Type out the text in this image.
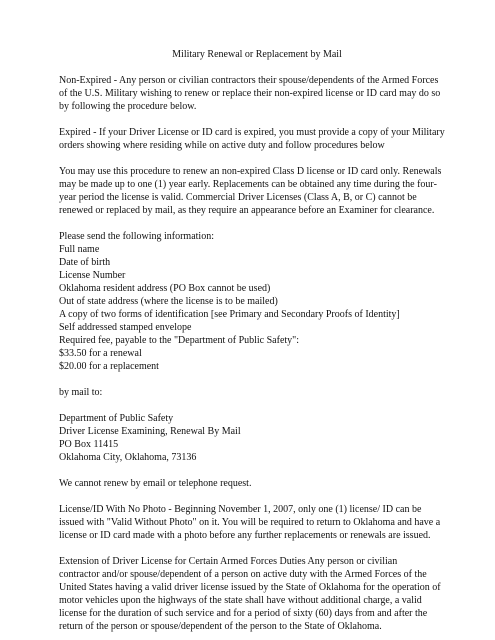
Military Renewal or Replacement by Mail

Non-Expired - Any person or civilian contractors their spouse/dependents of the Armed Forces
of the U.S. Military wishing to renew or replace their non-expired license or ID card may do so
by following the procedure below.

Expired - If your Driver License or ID card is expired, you must provide a copy of your Military
orders showing where residing while on active duty and follow procedures below

You may use this procedure to renew an non-expired Class D license or ID card only. Renewals
may be made up to one (1) year early. Replacements can be obtained any time during the four-
year period the license is valid. Commercial Driver Licenses (Class A, B, or C) cannot be
renewed or replaced by mail, as they require an appearance before an Examiner for clearance.

Please send the following information:
Full name
Date of birth
License Number
Oklahoma resident address (PO Box cannot be used)
Out of state address (where the license is to be mailed)
A copy of two forms of identification [see Primary and Secondary Proofs of Identity]
Self addressed stamped envelope
Required fee, payable to the "Department of Public Safety":
$33.50 for a renewal
$20.00 for a replacement

by mail to:

Department of Public Safety
Driver License Examining, Renewal By Mail
PO Box 11415
Oklahoma City, Oklahoma, 73136

We cannot renew by email or telephone request.

License/ID With No Photo - Beginning November 1, 2007, only one (1) license/ ID can be
issued with "Valid Without Photo" on it. You will be required to return to Oklahoma and have a
license or ID card made with a photo before any further replacements or renewals are issued.

Extension of Driver License for Certain Armed Forces Duties Any person or civilian
contractor and/or spouse/dependent of a person on active duty with the Armed Forces of the
United States having a valid driver license issued by the State of Oklahoma for the operation of
motor vehicles upon the highways of the state shall have without additional charge, a valid
license for the duration of such service and for a period of sixty (60) days from and after the
return of the person or spouse/dependent of the person to the State of Oklahoma.
